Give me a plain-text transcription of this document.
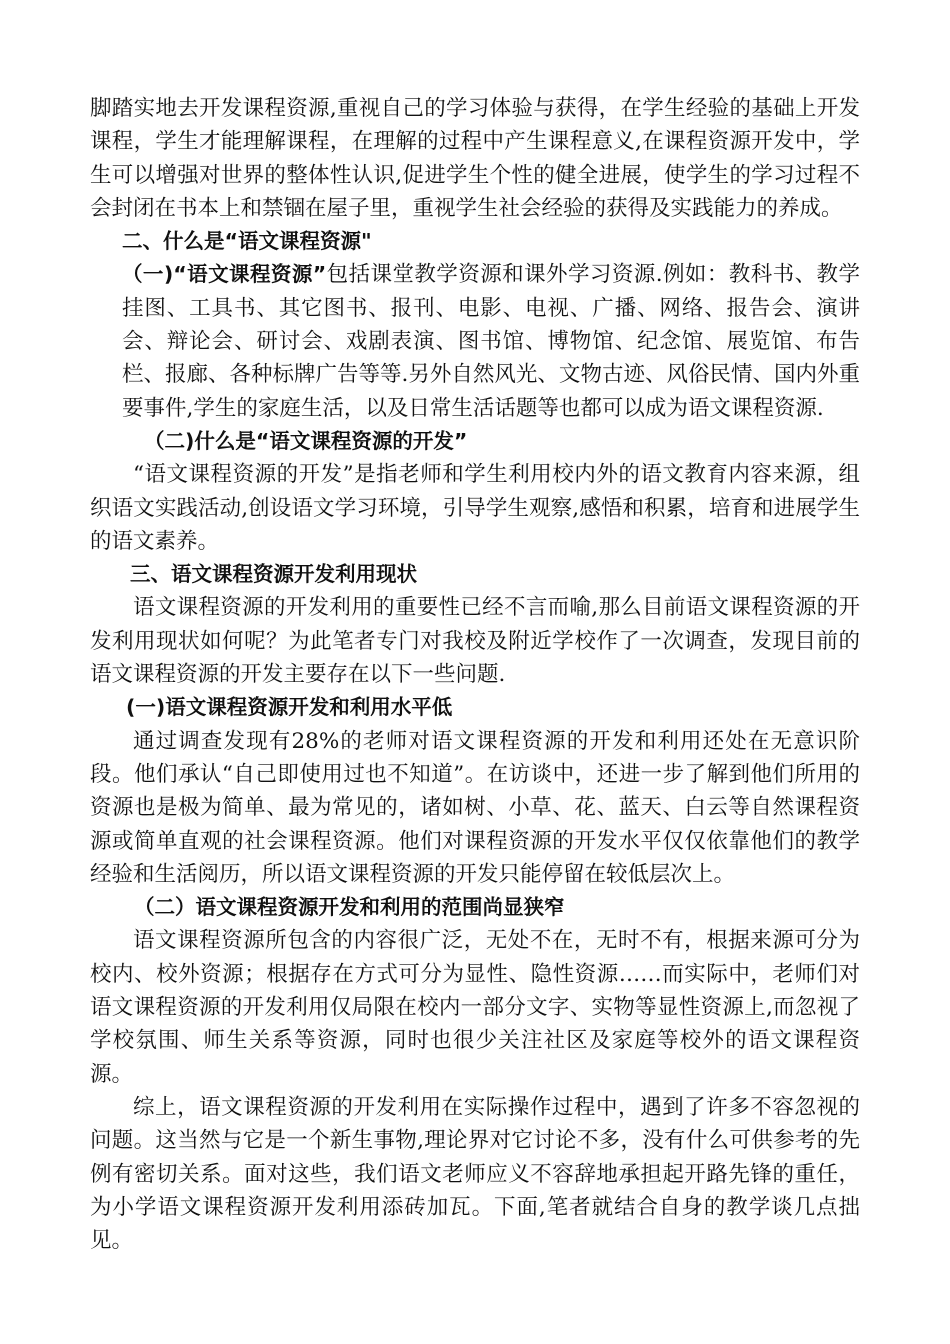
脚踏实地去开发课程资源,重视自己的学习体验与获得，在学生经验的基础上开发课程，学生才能理解课程，在理解的过程中产生课程意义,在课程资源开发中，学生可以增强对世界的整体性认识,促进学生个性的健全进展，使学生的学习过程不会封闭在书本上和禁锢在屋子里，重视学生社会经验的获得及实践能力的养成。

二、什么是“语文课程资源"

（一)“语文课程资源”包括课堂教学资源和课外学习资源.例如：教科书、教学挂图、工具书、其它图书、报刊、电影、电视、广播、网络、报告会、演讲会、辩论会、研讨会、戏剧表演、图书馆、博物馆、纪念馆、展览馆、布告栏、报廊、各种标牌广告等等.另外自然风光、文物古迹、风俗民情、国内外重要事件,学生的家庭生活，以及日常生活话题等也都可以成为语文课程资源.

（二)什么是“语文课程资源的开发”

“语文课程资源的开发”是指老师和学生利用校内外的语文教育内容来源，组织语文实践活动,创设语文学习环境，引导学生观察,感悟和积累，培育和进展学生的语文素养。

三、语文课程资源开发利用现状

语文课程资源的开发利用的重要性已经不言而喻,那么目前语文课程资源的开发利用现状如何呢？为此笔者专门对我校及附近学校作了一次调查，发现目前的语文课程资源的开发主要存在以下一些问题.

(一)语文课程资源开发和利用水平低

通过调查发现有28%的老师对语文课程资源的开发和利用还处在无意识阶段。他们承认“自己即使用过也不知道”。在访谈中，还进一步了解到他们所用的资源也是极为简单、最为常见的，诸如树、小草、花、蓝天、白云等自然课程资源或简单直观的社会课程资源。他们对课程资源的开发水平仅仅依靠他们的教学经验和生活阅历，所以语文课程资源的开发只能停留在较低层次上。

（二）语文课程资源开发和利用的范围尚显狭窄

语文课程资源所包含的内容很广泛，无处不在，无时不有，根据来源可分为校内、校外资源；根据存在方式可分为显性、隐性资源……而实际中，老师们对语文课程资源的开发利用仅局限在校内一部分文字、实物等显性资源上,而忽视了学校氛围、师生关系等资源，同时也很少关注社区及家庭等校外的语文课程资源。

综上，语文课程资源的开发利用在实际操作过程中，遇到了许多不容忽视的问题。这当然与它是一个新生事物,理论界对它讨论不多，没有什么可供参考的先例有密切关系。面对这些，我们语文老师应义不容辞地承担起开路先锋的重任，为小学语文课程资源开发利用添砖加瓦。下面,笔者就结合自身的教学谈几点拙见。
